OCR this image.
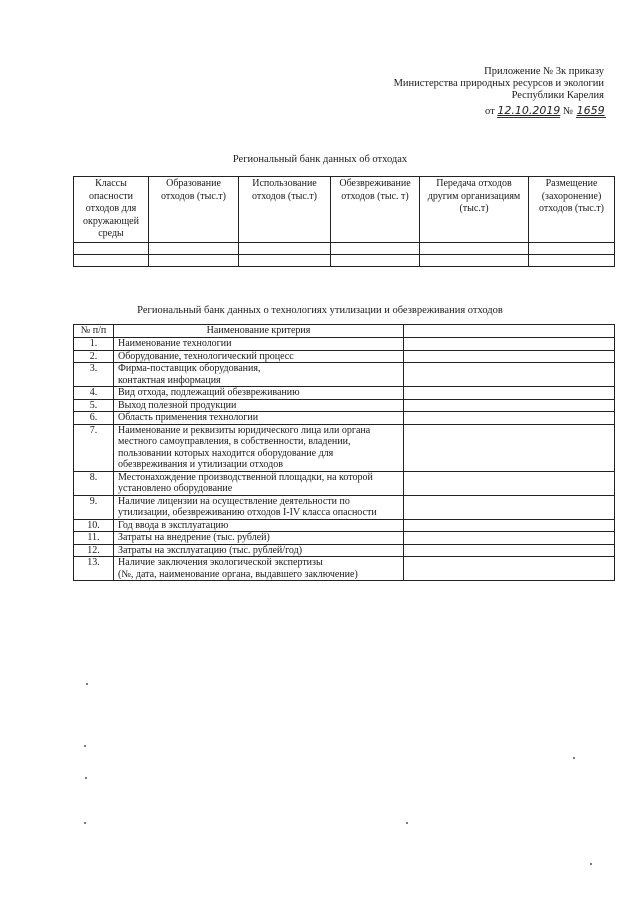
Приложение № 3к приказу
Министерства природных ресурсов и экологии
Республики Карелия
от 12.10.2019 № 1659
Региональный банк данных об отходах
Классы опасности отходов для окружающей среды	Образование отходов (тыс.т)	Использование отходов (тыс.т)	Обезвреживание отходов (тыс. т)	Передача отходов другим организациям (тыс.т)	Размещение (захоронение) отходов (тыс.т)

Региональный банк данных о технологиях утилизации и обезвреживания отходов
№ п/п	Наименование критерия	
1.	Наименование технологии	
2.	Оборудование, технологический процесс	
3.	Фирма-поставщик оборудования,
контактная информация	
4.	Вид отхода, подлежащий обезвреживанию	
5.	Выход полезной продукции	
6.	Область применения технологии	
7.	Наименование и реквизиты юридического лица или органа местного самоуправления, в собственности, владении, пользовании которых находится оборудование для обезвреживания и утилизации отходов	
8.	Местонахождение производственной площадки, на которой установлено оборудование	
9.	Наличие лицензии на осуществление деятельности по утилизации, обезвреживанию отходов I-IV класса опасности	
10.	Год ввода в эксплуатацию	
11.	Затраты на внедрение (тыс. рублей)	
12.	Затраты на эксплуатацию (тыс. рублей/год)	
13.	Наличие заключения экологической экспертизы
(№, дата, наименование органа, выдавшего заключение)	
